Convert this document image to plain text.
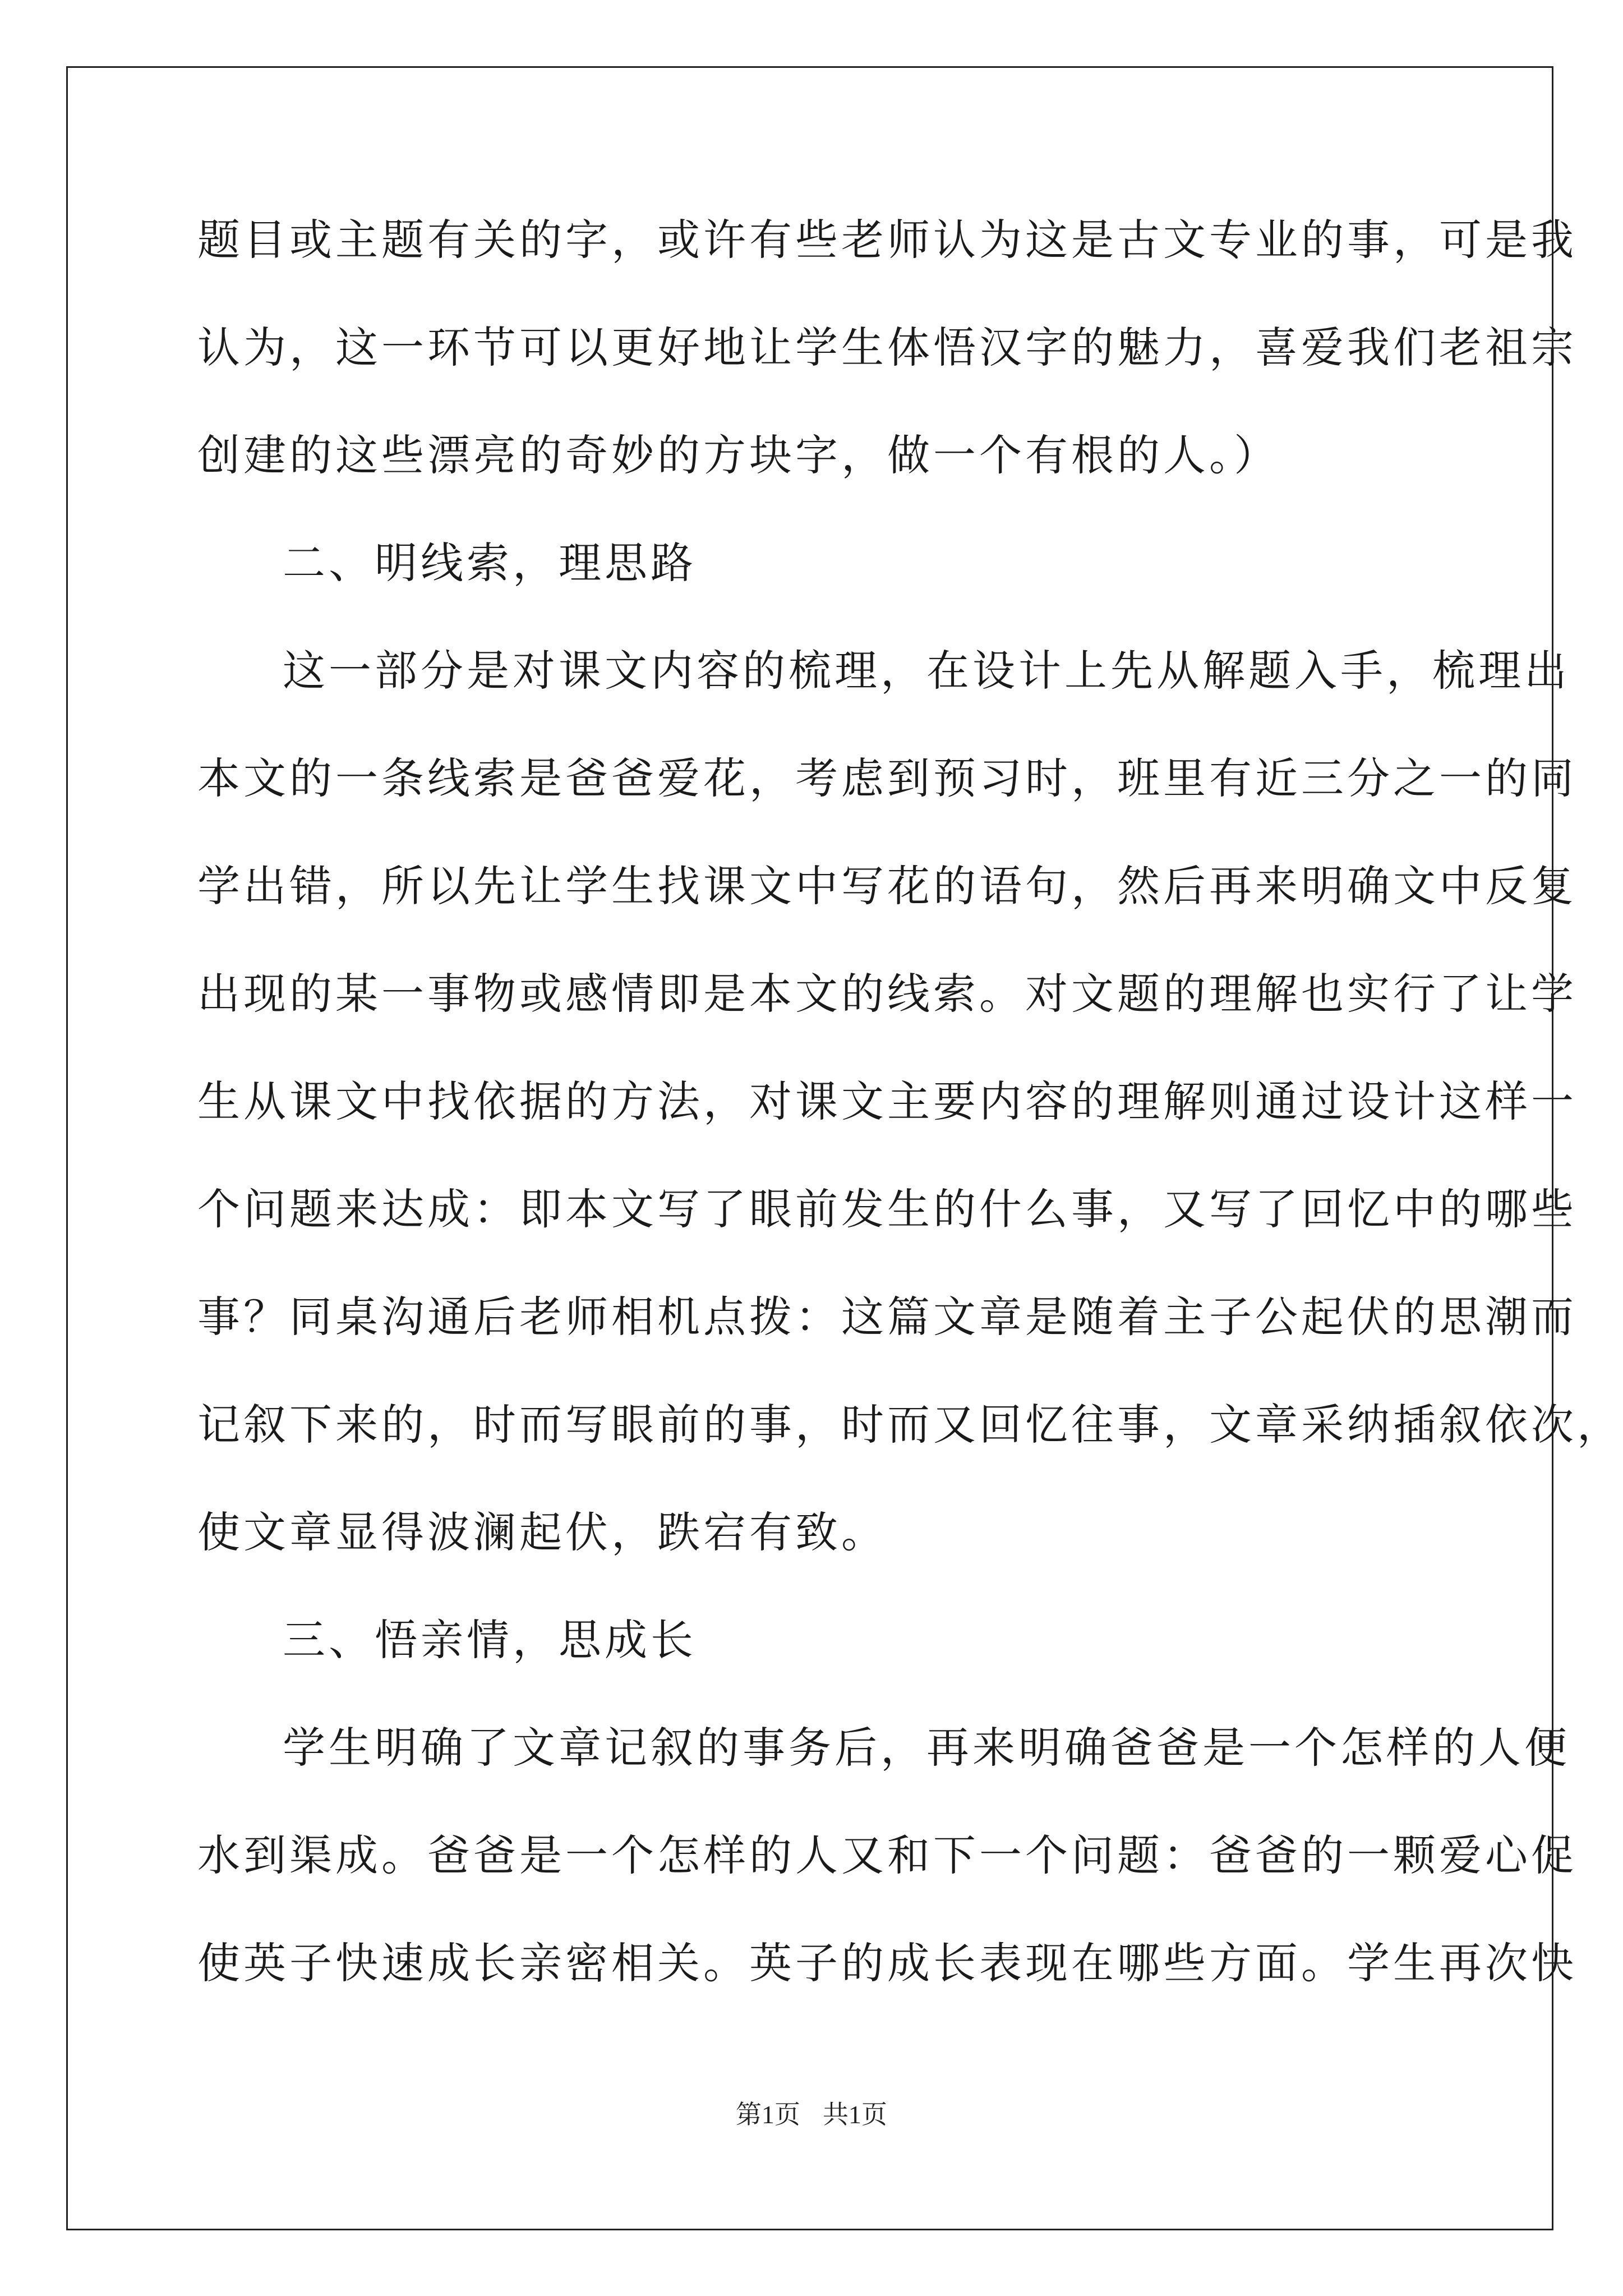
题目或主题有关的字，或许有些老师认为这是古文专业的事，可是我
认为，这一环节可以更好地让学生体悟汉字的魅力，喜爱我们老祖宗
创建的这些漂亮的奇妙的方块字，做一个有根的人。）
二、明线索，理思路
这一部分是对课文内容的梳理，在设计上先从解题入手，梳理出
本文的一条线索是爸爸爱花，考虑到预习时，班里有近三分之一的同
学出错，所以先让学生找课文中写花的语句，然后再来明确文中反复
出现的某一事物或感情即是本文的线索。对文题的理解也实行了让学
生从课文中找依据的方法，对课文主要内容的理解则通过设计这样一
个问题来达成：即本文写了眼前发生的什么事，又写了回忆中的哪些
事？同桌沟通后老师相机点拨：这篇文章是随着主子公起伏的思潮而
记叙下来的，时而写眼前的事，时而又回忆往事，文章采纳插叙依次，
使文章显得波澜起伏，跌宕有致。
三、悟亲情，思成长
学生明确了文章记叙的事务后，再来明确爸爸是一个怎样的人便
水到渠成。爸爸是一个怎样的人又和下一个问题：爸爸的一颗爱心促
使英子快速成长亲密相关。英子的成长表现在哪些方面。学生再次快
第1页 共1页
